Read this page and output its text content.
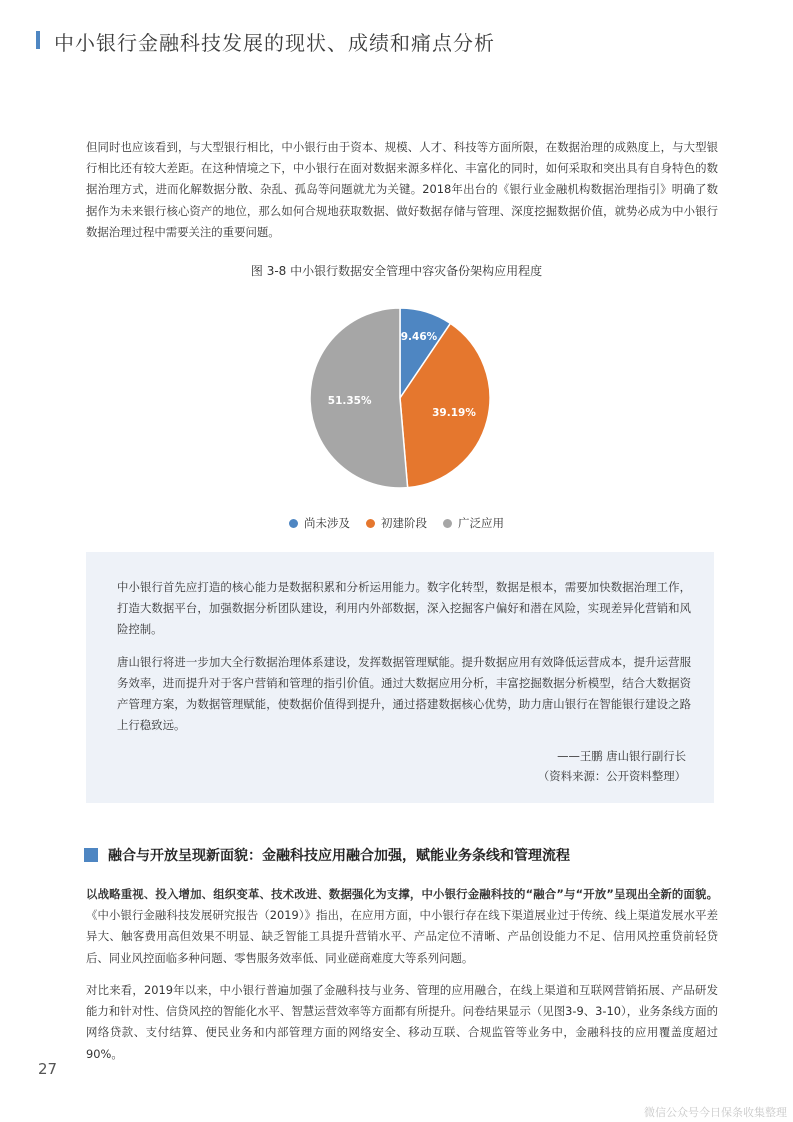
中小银行金融科技发展的现状、成绩和痛点分析

但同时也应该看到，与大型银行相比，中小银行由于资本、规模、人才、科技等方面所限，在数据治理的成熟度上，与大型银行相比还有较大差距。在这种情境之下，中小银行在面对数据来源多样化、丰富化的同时，如何采取和突出具有自身特色的数据治理方式，进而化解数据分散、杂乱、孤岛等问题就尤为关键。2018年出台的《银行业金融机构数据治理指引》明确了数据作为未来银行核心资产的地位，那么如何合规地获取数据、做好数据存储与管理、深度挖掘数据价值，就势必成为中小银行数据治理过程中需要关注的重要问题。

图 3-8 中小银行数据安全管理中容灾备份架构应用程度
9.46%
39.19%
51.35%
尚未涉及	初建阶段	广泛应用

中小银行首先应打造的核心能力是数据积累和分析运用能力。数字化转型，数据是根本，需要加快数据治理工作，打造大数据平台，加强数据分析团队建设，利用内外部数据，深入挖掘客户偏好和潜在风险，实现差异化营销和风险控制。

唐山银行将进一步加大全行数据治理体系建设，发挥数据管理赋能。提升数据应用有效降低运营成本，提升运营服务效率，进而提升对于客户营销和管理的指引价值。通过大数据应用分析，丰富挖掘数据分析模型，结合大数据资产管理方案，为数据管理赋能，使数据价值得到提升，通过搭建数据核心优势，助力唐山银行在智能银行建设之路上行稳致远。

——王鹏 唐山银行副行长
（资料来源：公开资料整理）
融合与开放呈现新面貌：金融科技应用融合加强，赋能业务条线和管理流程

以战略重视、投入增加、组织变革、技术改进、数据强化为支撑，中小银行金融科技的“融合”与“开放”呈现出全新的面貌。《中小银行金融科技发展研究报告（2019）》指出，在应用方面，中小银行存在线下渠道展业过于传统、线上渠道发展水平差异大、触客费用高但效果不明显、缺乏智能工具提升营销水平、产品定位不清晰、产品创设能力不足、信用风控重贷前轻贷后、同业风控面临多种问题、零售服务效率低、同业磋商难度大等系列问题。

对比来看，2019年以来，中小银行普遍加强了金融科技与业务、管理的应用融合，在线上渠道和互联网营销拓展、产品研发能力和针对性、信贷风控的智能化水平、智慧运营效率等方面都有所提升。问卷结果显示（见图3-9、3-10），业务条线方面的网络贷款、支付结算、便民业务和内部管理方面的网络安全、移动互联、合规监管等业务中，金融科技的应用覆盖度超过90%。

27
微信公众号今日保条收集整理
